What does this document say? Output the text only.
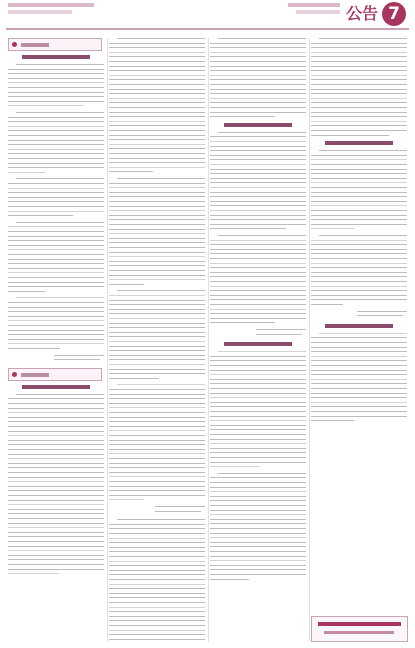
公告 7
